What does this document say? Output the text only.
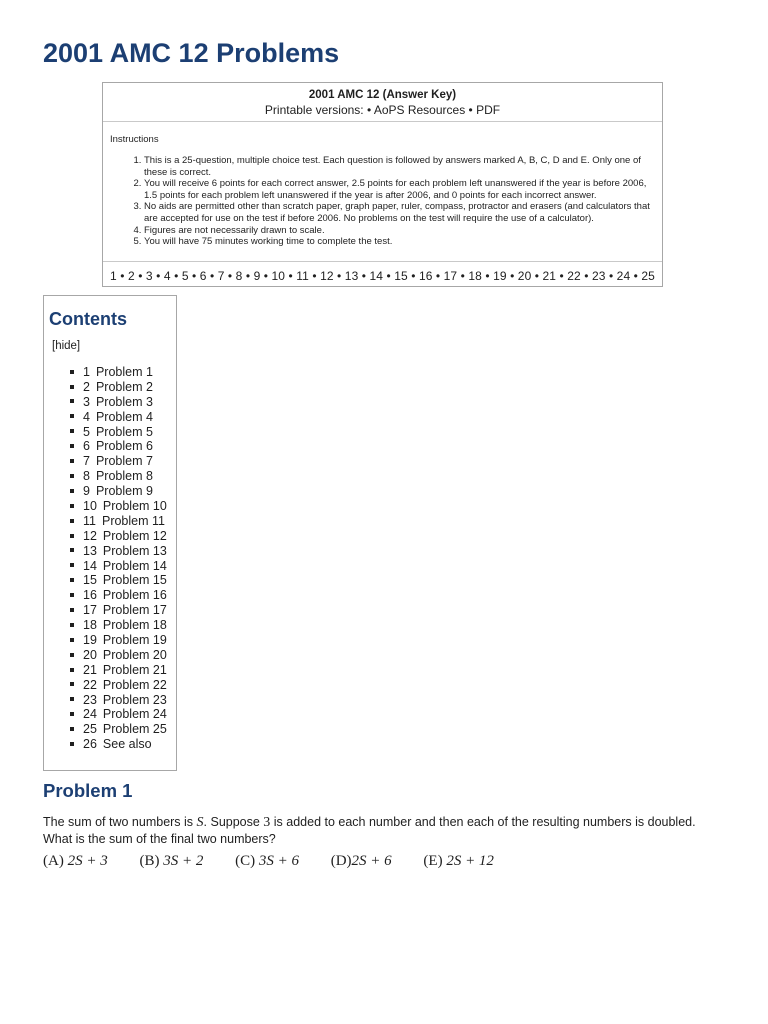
2001 AMC 12 Problems
2001 AMC 12 (Answer Key)
Printable versions: • AoPS Resources • PDF
Instructions
1. This is a 25-question, multiple choice test. Each question is followed by answers marked A, B, C, D and E. Only one of these is correct.
2. You will receive 6 points for each correct answer, 2.5 points for each problem left unanswered if the year is before 2006, 1.5 points for each problem left unanswered if the year is after 2006, and 0 points for each incorrect answer.
3. No aids are permitted other than scratch paper, graph paper, ruler, compass, protractor and erasers (and calculators that are accepted for use on the test if before 2006. No problems on the test will require the use of a calculator).
4. Figures are not necessarily drawn to scale.
5. You will have 75 minutes working time to complete the test.
1 • 2 • 3 • 4 • 5 • 6 • 7 • 8 • 9 • 10 • 11 • 12 • 13 • 14 • 15 • 16 • 17 • 18 • 19 • 20 • 21 • 22 • 23 • 24 • 25
Contents
[hide]
1 Problem 1
2 Problem 2
3 Problem 3
4 Problem 4
5 Problem 5
6 Problem 6
7 Problem 7
8 Problem 8
9 Problem 9
10 Problem 10
11 Problem 11
12 Problem 12
13 Problem 13
14 Problem 14
15 Problem 15
16 Problem 16
17 Problem 17
18 Problem 18
19 Problem 19
20 Problem 20
21 Problem 21
22 Problem 22
23 Problem 23
24 Problem 24
25 Problem 25
26 See also
Problem 1

The sum of two numbers is S. Suppose 3 is added to each number and then each of the resulting numbers is doubled. What is the sum of the final two numbers?

(A) 2S + 3 (B) 3S + 2 (C) 3S + 6 (D)2S + 6 (E) 2S + 12
